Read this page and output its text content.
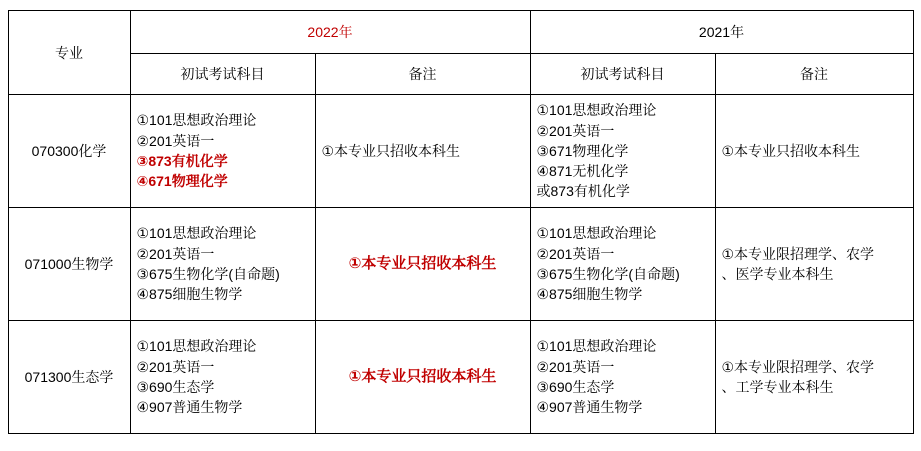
专业	2022年		2021年	
	初试考试科目	备注	初试考试科目	备注
070300化学	①101思想政治理论
②201英语一
③873有机化学
④671物理化学	①本专业只招收本科生	①101思想政治理论
②201英语一
③671物理化学
④871无机化学
或873有机化学	①本专业只招收本科生

071000生物学	①101思想政治理论
②201英语一
③675生物化学(自命题)
④875细胞生物学	①本专业只招收本科生	①101思想政治理论
②201英语一
③675生物化学(自命题)
④875细胞生物学	①本专业限招理学、农学
、医学专业本科生

071300生态学	①101思想政治理论
②201英语一
③690生态学
④907普通生物学	①本专业只招收本科生	①101思想政治理论
②201英语一
③690生态学
④907普通生物学	①本专业限招理学、农学
、工学专业本科生
